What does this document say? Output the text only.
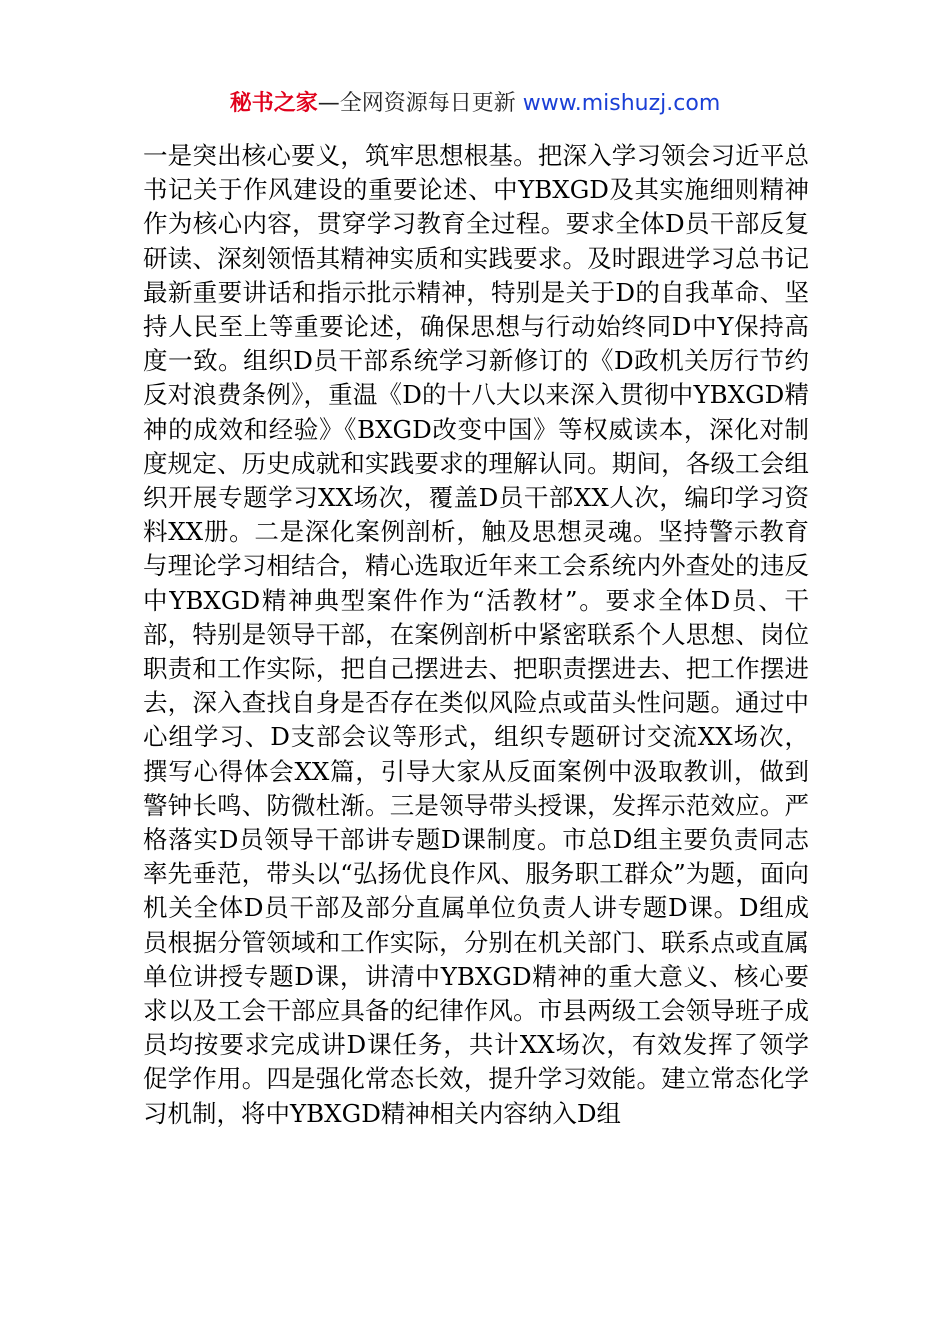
秘书之家—全网资源每日更新 www.mishuzj.com

一是突出核心要义，筑牢思想根基。把深入学习领会习近平总书记关于作风建设的重要论述、中YBXGD及其实施细则精神作为核心内容，贯穿学习教育全过程。要求全体D员干部反复研读、深刻领悟其精神实质和实践要求。及时跟进学习总书记最新重要讲话和指示批示精神，特别是关于D的自我革命、坚持人民至上等重要论述，确保思想与行动始终同D中Y保持高度一致。组织D员干部系统学习新修订的《D政机关厉行节约反对浪费条例》，重温《D的十八大以来深入贯彻中YBXGD精神的成效和经验》《BXGD改变中国》等权威读本，深化对制度规定、历史成就和实践要求的理解认同。期间，各级工会组织开展专题学习XX场次，覆盖D员干部XX人次，编印学习资料XX册。二是深化案例剖析，触及思想灵魂。坚持警示教育与理论学习相结合，精心选取近年来工会系统内外查处的违反中YBXGD精神典型案件作为“活教材”。要求全体D员、干部，特别是领导干部，在案例剖析中紧密联系个人思想、岗位职责和工作实际，把自己摆进去、把职责摆进去、把工作摆进去，深入查找自身是否存在类似风险点或苗头性问题。通过中心组学习、D支部会议等形式，组织专题研讨交流XX场次，撰写心得体会XX篇，引导大家从反面案例中汲取教训，做到警钟长鸣、防微杜渐。三是领导带头授课，发挥示范效应。严格落实D员领导干部讲专题D课制度。市总D组主要负责同志率先垂范，带头以“弘扬优良作风、服务职工群众”为题，面向机关全体D员干部及部分直属单位负责人讲专题D课。D组成员根据分管领域和工作实际，分别在机关部门、联系点或直属单位讲授专题D课，讲清中YBXGD精神的重大意义、核心要求以及工会干部应具备的纪律作风。市县两级工会领导班子成员均按要求完成讲D课任务，共计XX场次，有效发挥了领学促学作用。四是强化常态长效，提升学习效能。建立常态化学习机制，将中YBXGD精神相关内容纳入D组
